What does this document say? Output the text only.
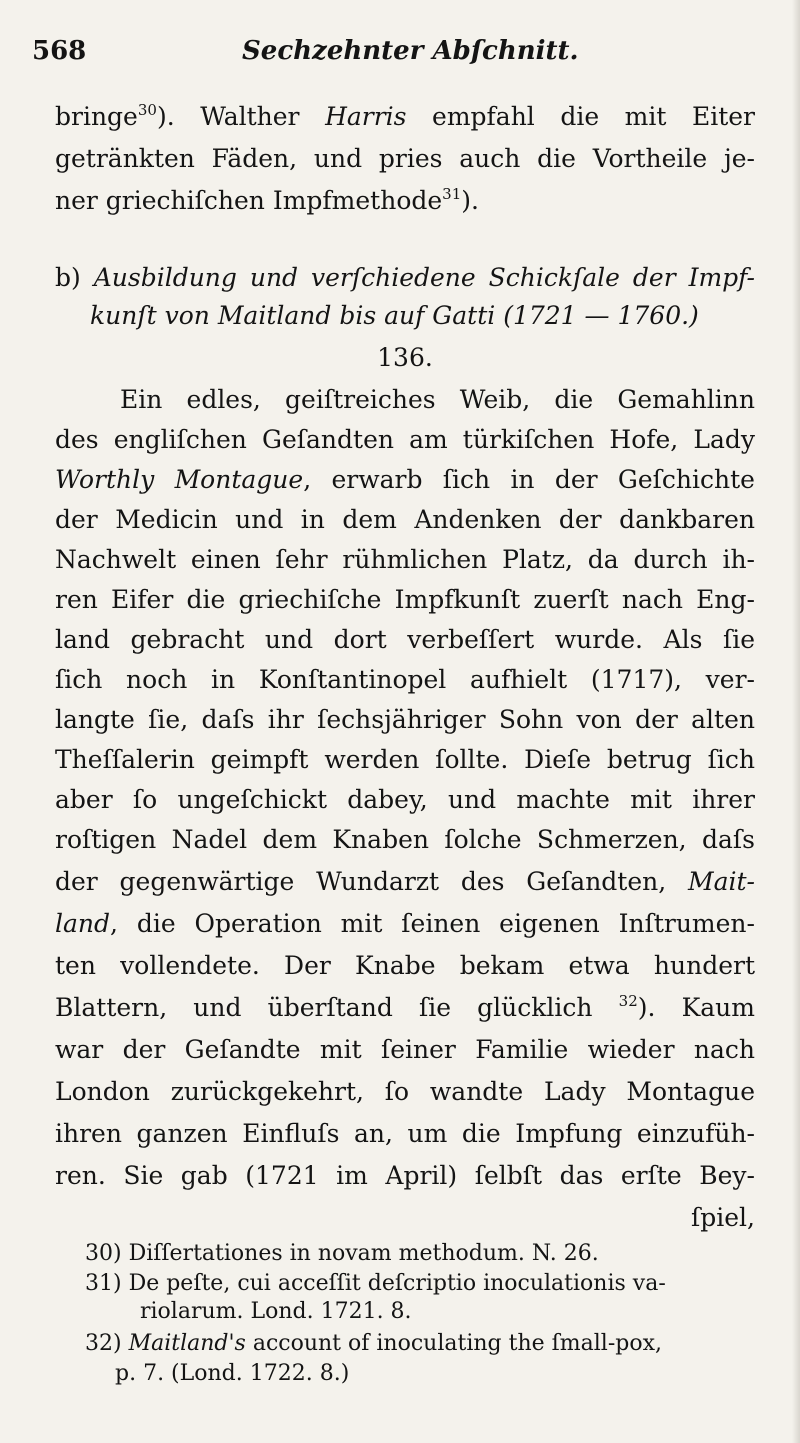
568	Sechzehnter Abſchnitt.
bringe$^{30}$). Walther Harris empfahl die mit Eiter
getränkten Fäden, und pries auch die Vortheile je-
ner griechiſchen Impfmethode$^{31}$).
b) Ausbildung und verſchiedene Schickſale der Impf-
kunſt von Maitland bis auf Gatti (1721 — 1760.)
136.
Ein edles, geiſtreiches Weib, die Gemahlinn
des engliſchen Geſandten am türkiſchen Hofe, Lady
Worthly Montague, erwarb ſich in der Geſchichte
der Medicin und in dem Andenken der dankbaren
Nachwelt einen ſehr rühmlichen Platz, da durch ih-
ren Eifer die griechiſche Impfkunſt zuerſt nach Eng-
land gebracht und dort verbeſſert wurde. Als ſie
ſich noch in Konſtantinopel aufhielt (1717), ver-
langte ſie, daſs ihr ſechsjähriger Sohn von der alten
Theſſalerin geimpft werden ſollte. Dieſe betrug ſich
aber ſo ungeſchickt dabey, und machte mit ihrer
roſtigen Nadel dem Knaben ſolche Schmerzen, daſs
der gegenwärtige Wundarzt des Geſandten, Mait-
land, die Operation mit ſeinen eigenen Inſtrumen-
ten vollendete. Der Knabe bekam etwa hundert
Blattern, und überſtand ſie glücklich $^{32}$). Kaum
war der Geſandte mit ſeiner Familie wieder nach
London zurückgekehrt, ſo wandte Lady Montague
ihren ganzen Einfluſs an, um die Impfung einzufüh-
ren. Sie gab (1721 im April) ſelbſt das erſte Bey-
ſpiel,
30) Diſſertationes in novam methodum. N. 26.
31) De peſte, cui acceſſit deſcriptio inoculationis va-
riolarum. Lond. 1721. 8.
32) Maitland's account of inoculating the ſmall-pox,
p. 7. (Lond. 1722. 8.)
